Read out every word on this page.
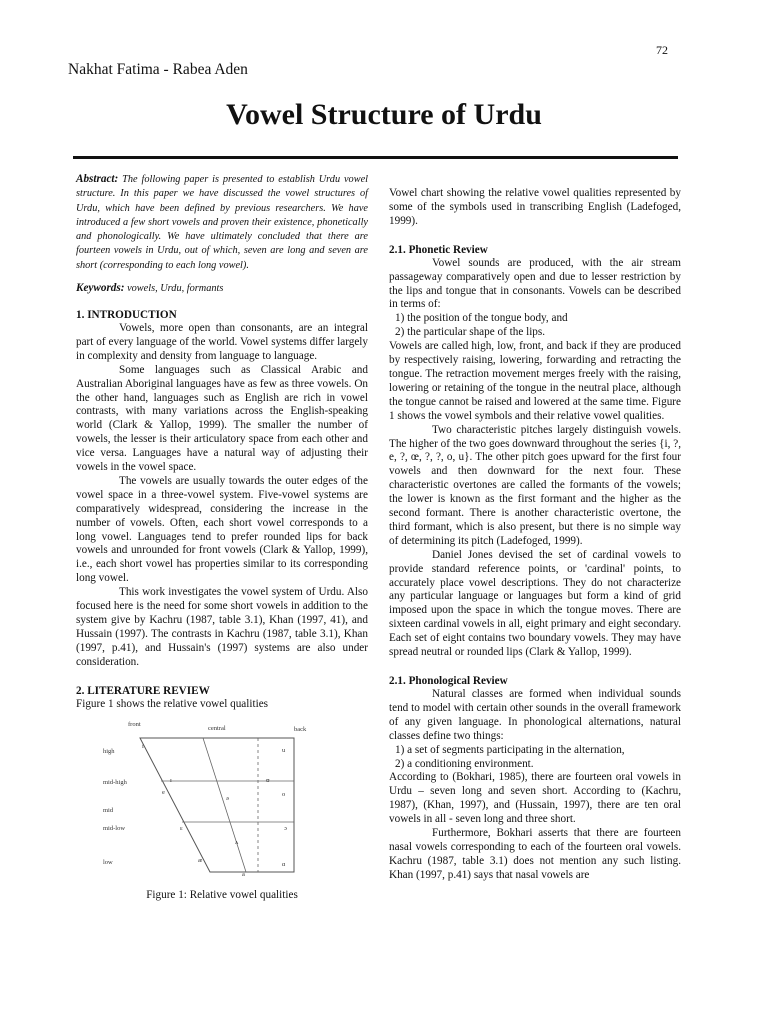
72
Nakhat Fatima - Rabea Aden
Vowel Structure of Urdu

Abstract: The following paper is presented to establish Urdu vowel structure. In this paper we have discussed the vowel structures of Urdu, which have been defined by previous researchers. We have introduced a few short vowels and proven their existence, phonetically and phonologically. We have ultimately concluded that there are fourteen vowels in Urdu, out of which, seven are long and seven are short (corresponding to each long vowel).

Keywords: vowels, Urdu, formants

1. INTRODUCTION

Vowels, more open than consonants, are an integral part of every language of the world. Vowel systems differ largely in complexity and density from language to language.

Some languages such as Classical Arabic and Australian Aboriginal languages have as few as three vowels. On the other hand, languages such as English are rich in vowel contrasts, with many variations across the English-speaking world (Clark & Yallop, 1999). The smaller the number of vowels, the lesser is their articulatory space from each other and vice versa. Languages have a natural way of adjusting their vowels in the vowel space.

The vowels are usually towards the outer edges of the vowel space in a three-vowel system. Five-vowel systems are comparatively widespread, considering the increase in the number of vowels. Often, each short vowel corresponds to a long vowel. Languages tend to prefer rounded lips for back vowels and unrounded for front vowels (Clark & Yallop, 1999), i.e., each short vowel has properties similar to its corresponding long vowel.

This work investigates the vowel system of Urdu. Also focused here is the need for some short vowels in addition to the system give by Kachru (1987, table 3.1), Khan (1997, 41), and Hussain (1997). The contrasts in Kachru (1987, table 3.1), Khan (1997, p.41), and Hussain's (1997) systems are also under consideration.

2. LITERATURE REVIEW

Figure 1 shows the relative vowel qualities

front
central	back
high
mid-high
mid
mid-low
low
i
u
ɪ	ʊ
e	o
ə
ɛ	ɔ
ʌ
æ
ɑ
a

Figure 1: Relative vowel qualities

Vowel chart showing the relative vowel qualities represented by some of the symbols used in transcribing English (Ladefoged, 1999).

2.1. Phonetic Review

Vowel sounds are produced, with the air stream passageway comparatively open and due to lesser restriction by the lips and tongue that in consonants. Vowels can be described in terms of:

1) the position of the tongue body, and

2) the particular shape of the lips.

Vowels are called high, low, front, and back if they are produced by respectively raising, lowering, forwarding and retracting the tongue. The retraction movement merges freely with the raising, lowering or retaining of the tongue in the neutral place, although the tongue cannot be raised and lowered at the same time. Figure 1 shows the vowel symbols and their relative vowel qualities.

Two characteristic pitches largely distinguish vowels. The higher of the two goes downward throughout the series {i, ?, e, ?, œ, ?, ?, o, u}. The other pitch goes upward for the first four vowels and then downward for the next four. These characteristic overtones are called the formants of the vowels; the lower is known as the first formant and the higher as the second formant. There is another characteristic overtone, the third formant, which is also present, but there is no simple way of determining its pitch (Ladefoged, 1999).

Daniel Jones devised the set of cardinal vowels to provide standard reference points, or 'cardinal' points, to accurately place vowel descriptions. They do not characterize any particular language or languages but form a kind of grid imposed upon the space in which the tongue moves. There are sixteen cardinal vowels in all, eight primary and eight secondary. Each set of eight contains two boundary vowels. They may have spread neutral or rounded lips (Clark & Yallop, 1999).

2.1. Phonological Review

Natural classes are formed when individual sounds tend to model with certain other sounds in the overall framework of any given language. In phonological alternations, natural classes define two things:

1) a set of segments participating in the alternation,

2) a conditioning environment.

According to (Bokhari, 1985), there are fourteen oral vowels in Urdu – seven long and seven short. According to (Kachru, 1987), (Khan, 1997), and (Hussain, 1997), there are ten oral vowels in all - seven long and three short.

Furthermore, Bokhari asserts that there are fourteen nasal vowels corresponding to each of the fourteen oral vowels. Kachru (1987, table 3.1) does not mention any such listing. Khan (1997, p.41) says that nasal vowels are
